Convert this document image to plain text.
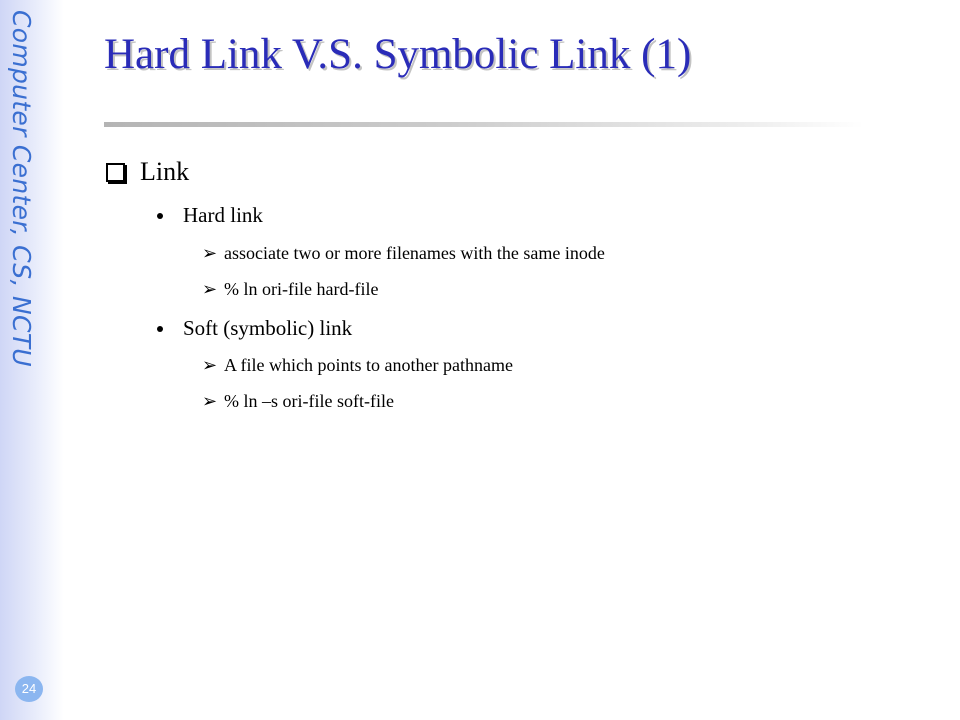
Computer Center, CS, NCTU
24
Hard Link V.S. Symbolic Link (1)

Link

Hard link

➢ associate two or more filenames with the same inode

➢ % ln ori-file hard-file

Soft (symbolic) link

➢ A file which points to another pathname

➢ % ln –s ori-file soft-file
